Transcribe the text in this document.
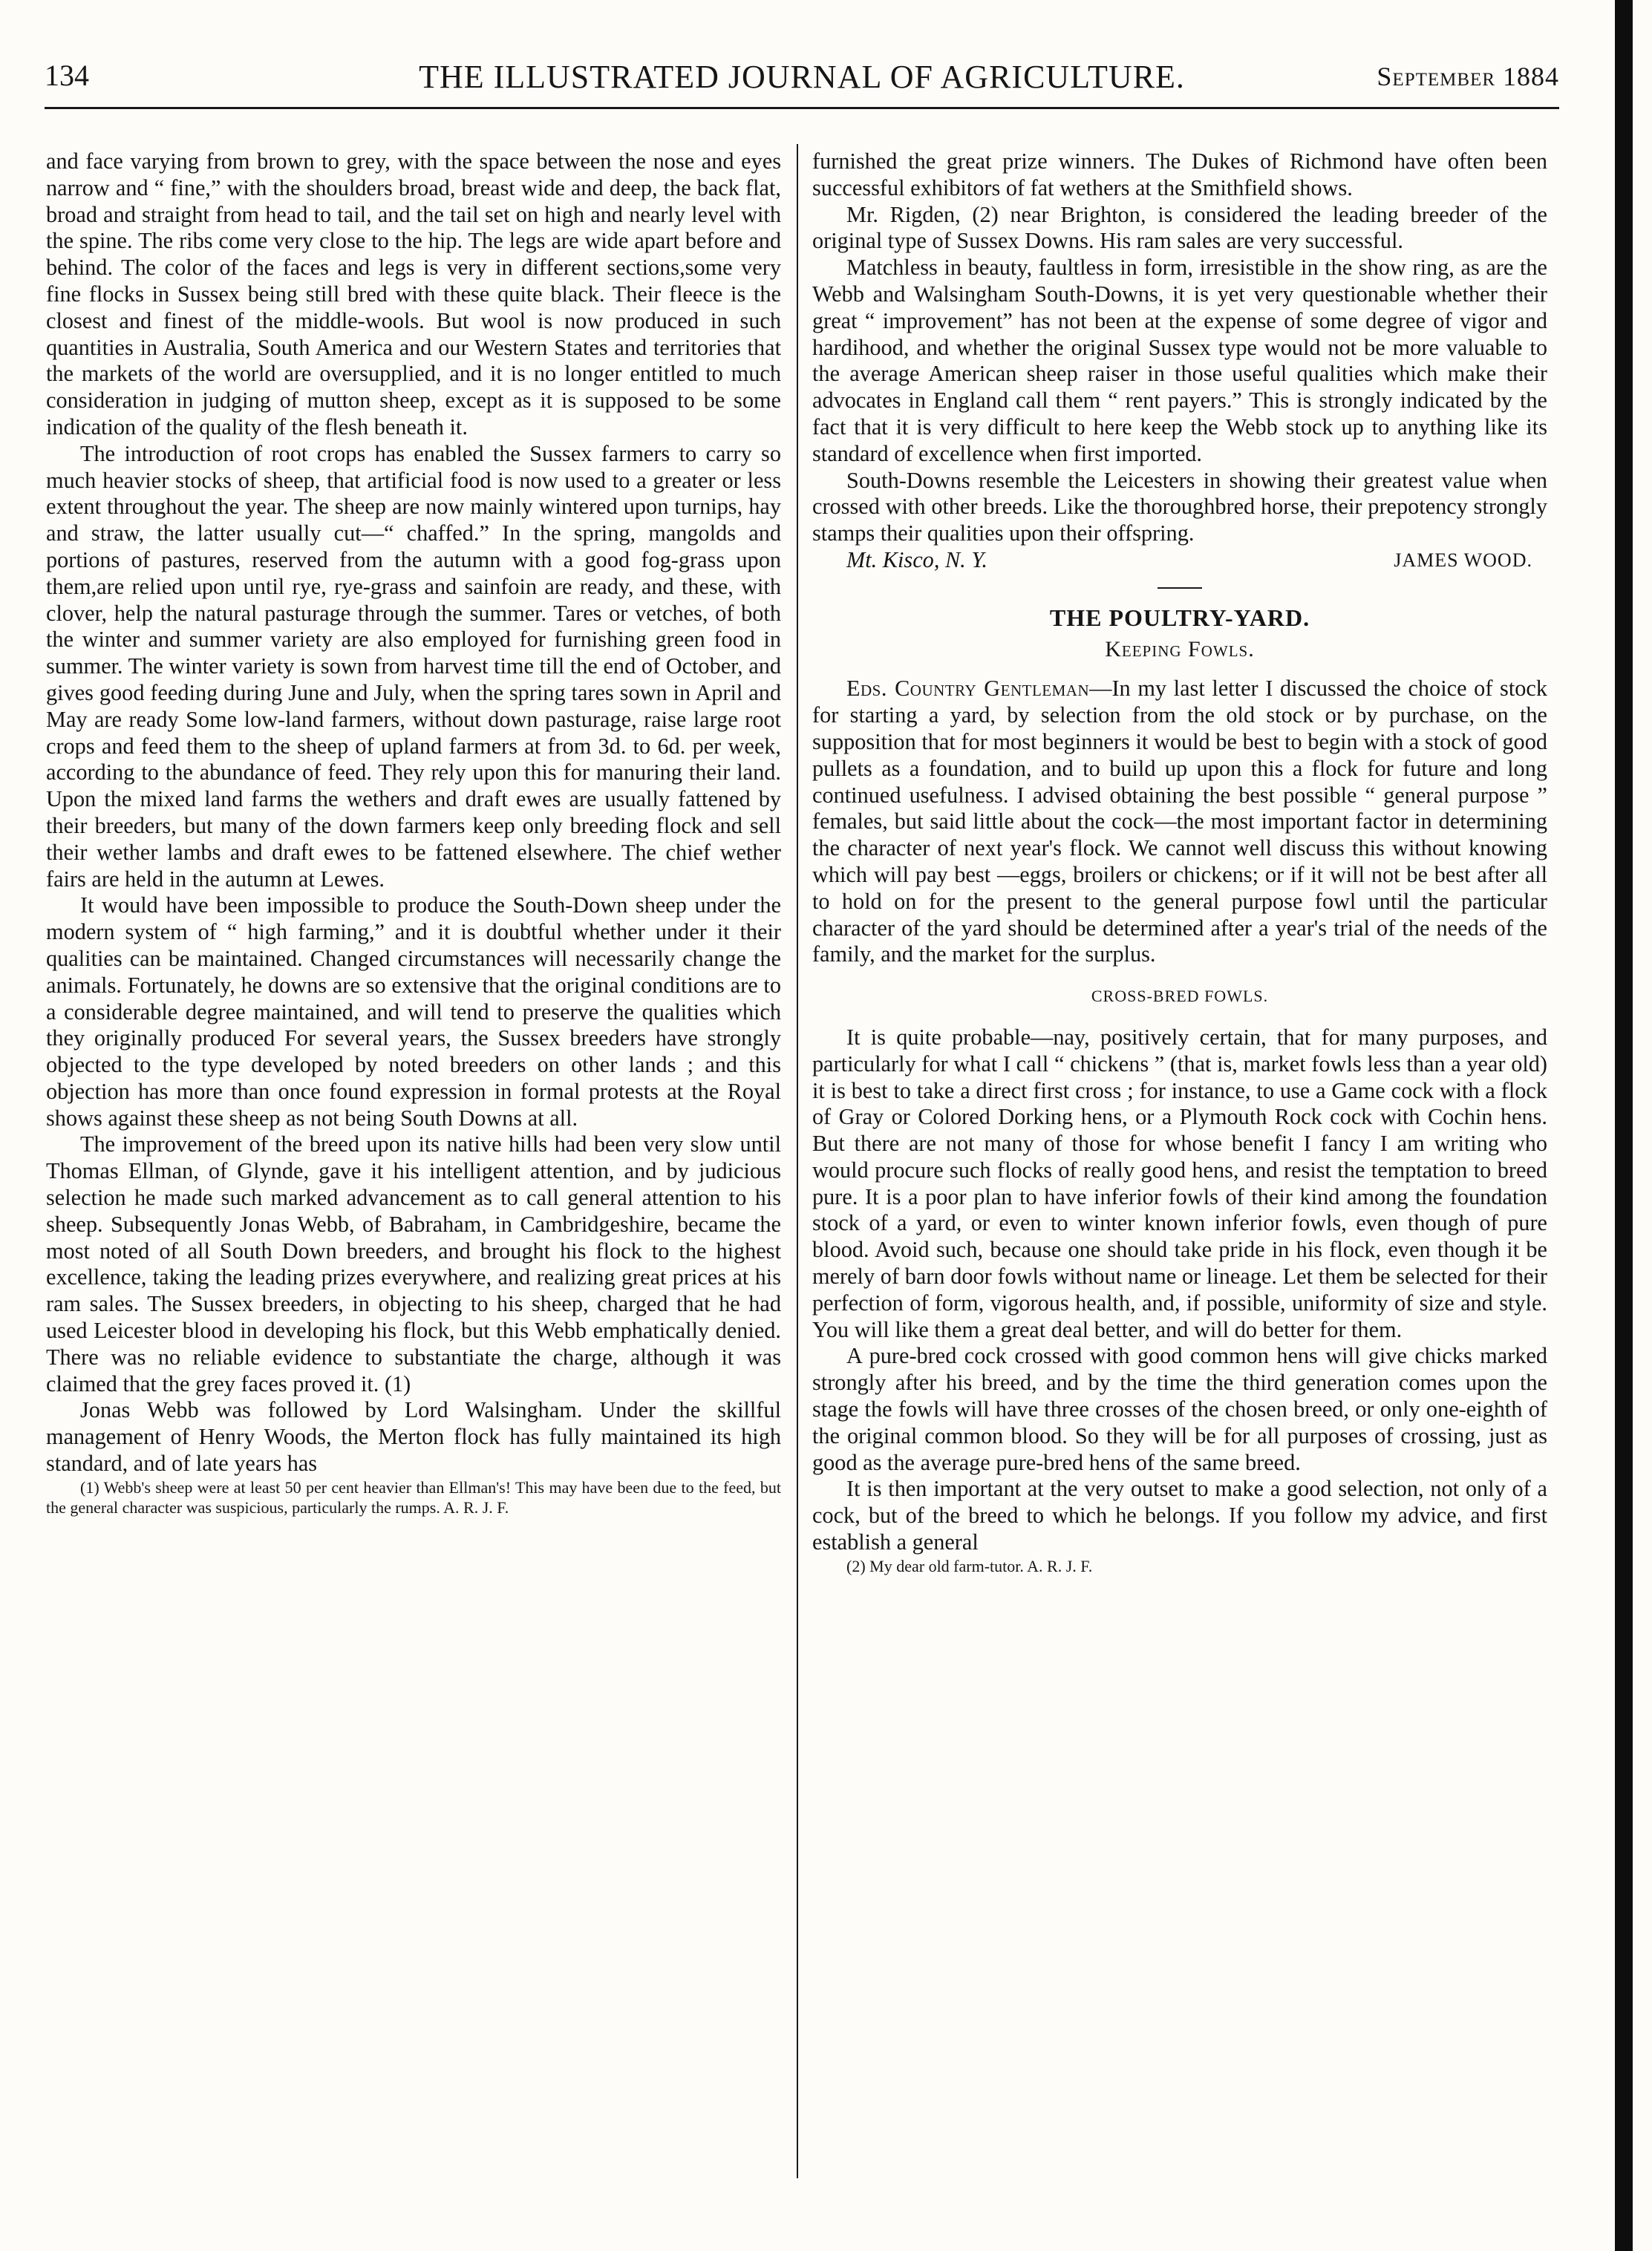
THE ILLUSTRATED JOURNAL OF AGRICULTURE.
134	September 1884

and face varying from brown to grey, with the space between the nose and eyes narrow and “ fine,” with the shoulders broad, breast wide and deep, the back flat, broad and straight from head to tail, and the tail set on high and nearly level with the spine. The ribs come very close to the hip. The legs are wide apart before and behind. The color of the faces and legs is very in different sections,some very fine flocks in Sussex being still bred with these quite black. Their fleece is the closest and finest of the middle-wools. But wool is now produced in such quantities in Australia, South America and our Western States and territories that the markets of the world are oversupplied, and it is no longer entitled to much consideration in judging of mutton sheep, except as it is supposed to be some indication of the quality of the flesh beneath it.

The introduction of root crops has enabled the Sussex farmers to carry so much heavier stocks of sheep, that artificial food is now used to a greater or less extent throughout the year. The sheep are now mainly wintered upon turnips, hay and straw, the latter usually cut—“ chaffed.” In the spring, mangolds and portions of pastures, reserved from the autumn with a good fog-grass upon them,are relied upon until rye, rye-grass and sainfoin are ready, and these, with clover, help the natural pasturage through the summer. Tares or vetches, of both the winter and summer variety are also employed for furnishing green food in summer. The winter variety is sown from harvest time till the end of October, and gives good feeding during June and July, when the spring tares sown in April and May are ready Some low-land farmers, without down pasturage, raise large root crops and feed them to the sheep of upland farmers at from 3d. to 6d. per week, according to the abundance of feed. They rely upon this for manuring their land. Upon the mixed land farms the wethers and draft ewes are usually fattened by their breeders, but many of the down farmers keep only breeding flock and sell their wether lambs and draft ewes to be fattened elsewhere. The chief wether fairs are held in the autumn at Lewes.

It would have been impossible to produce the South-Down sheep under the modern system of “ high farming,” and it is doubtful whether under it their qualities can be maintained. Changed circumstances will necessarily change the animals. Fortunately, he downs are so extensive that the original conditions are to a considerable degree maintained, and will tend to preserve the qualities which they originally produced For several years, the Sussex breeders have strongly objected to the type developed by noted breeders on other lands ; and this objection has more than once found expression in formal protests at the Royal shows against these sheep as not being South Downs at all.

The improvement of the breed upon its native hills had been very slow until Thomas Ellman, of Glynde, gave it his intelligent attention, and by judicious selection he made such marked advancement as to call general attention to his sheep. Subsequently Jonas Webb, of Babraham, in Cambridgeshire, became the most noted of all South Down breeders, and brought his flock to the highest excellence, taking the leading prizes everywhere, and realizing great prices at his ram sales. The Sussex breeders, in objecting to his sheep, charged that he had used Leicester blood in developing his flock, but this Webb emphatically denied. There was no reliable evidence to substantiate the charge, although it was claimed that the grey faces proved it. (1)

Jonas Webb was followed by Lord Walsingham. Under the skillful management of Henry Woods, the Merton flock has fully maintained its high standard, and of late years has

(1) Webb's sheep were at least 50 per cent heavier than Ellman's! This may have been due to the feed, but the general character was suspicious, particularly the rumps. A. R. J. F.

furnished the great prize winners. The Dukes of Richmond have often been successful exhibitors of fat wethers at the Smithfield shows.

Mr. Rigden, (2) near Brighton, is considered the leading breeder of the original type of Sussex Downs. His ram sales are very successful.

Matchless in beauty, faultless in form, irresistible in the show ring, as are the Webb and Walsingham South-Downs, it is yet very questionable whether their great “ improvement” has not been at the expense of some degree of vigor and hardihood, and whether the original Sussex type would not be more valuable to the average American sheep raiser in those useful qualities which make their advocates in England call them “ rent payers.” This is strongly indicated by the fact that it is very difficult to here keep the Webb stock up to anything like its standard of excellence when first imported.

South-Downs resemble the Leicesters in showing their greatest value when crossed with other breeds. Like the thoroughbred horse, their prepotency strongly stamps their qualities upon their offspring.

Mt. Kisco, N. Y.	JAMES WOOD.
THE POULTRY-YARD.
Keeping Fowls.

Eds. Country Gentleman—In my last letter I discussed the choice of stock for starting a yard, by selection from the old stock or by purchase, on the supposition that for most beginners it would be best to begin with a stock of good pullets as a foundation, and to build up upon this a flock for future and long continued usefulness. I advised obtaining the best possible “ general purpose ” females, but said little about the cock—the most important factor in determining the character of next year's flock. We cannot well discuss this without knowing which will pay best —eggs, broilers or chickens; or if it will not be best after all to hold on for the present to the general purpose fowl until the particular character of the yard should be determined after a year's trial of the needs of the family, and the market for the surplus.

CROSS-BRED FOWLS.

It is quite probable—nay, positively certain, that for many purposes, and particularly for what I call “ chickens ” (that is, market fowls less than a year old) it is best to take a direct first cross ; for instance, to use a Game cock with a flock of Gray or Colored Dorking hens, or a Plymouth Rock cock with Cochin hens. But there are not many of those for whose benefit I fancy I am writing who would procure such flocks of really good hens, and resist the temptation to breed pure. It is a poor plan to have inferior fowls of their kind among the foundation stock of a yard, or even to winter known inferior fowls, even though of pure blood. Avoid such, because one should take pride in his flock, even though it be merely of barn door fowls without name or lineage. Let them be selected for their perfection of form, vigorous health, and, if possible, uniformity of size and style. You will like them a great deal better, and will do better for them.

A pure-bred cock crossed with good common hens will give chicks marked strongly after his breed, and by the time the third generation comes upon the stage the fowls will have three crosses of the chosen breed, or only one-eighth of the original common blood. So they will be for all purposes of crossing, just as good as the average pure-bred hens of the same breed.

It is then important at the very outset to make a good selection, not only of a cock, but of the breed to which he belongs. If you follow my advice, and first establish a general

(2) My dear old farm-tutor. A. R. J. F.
